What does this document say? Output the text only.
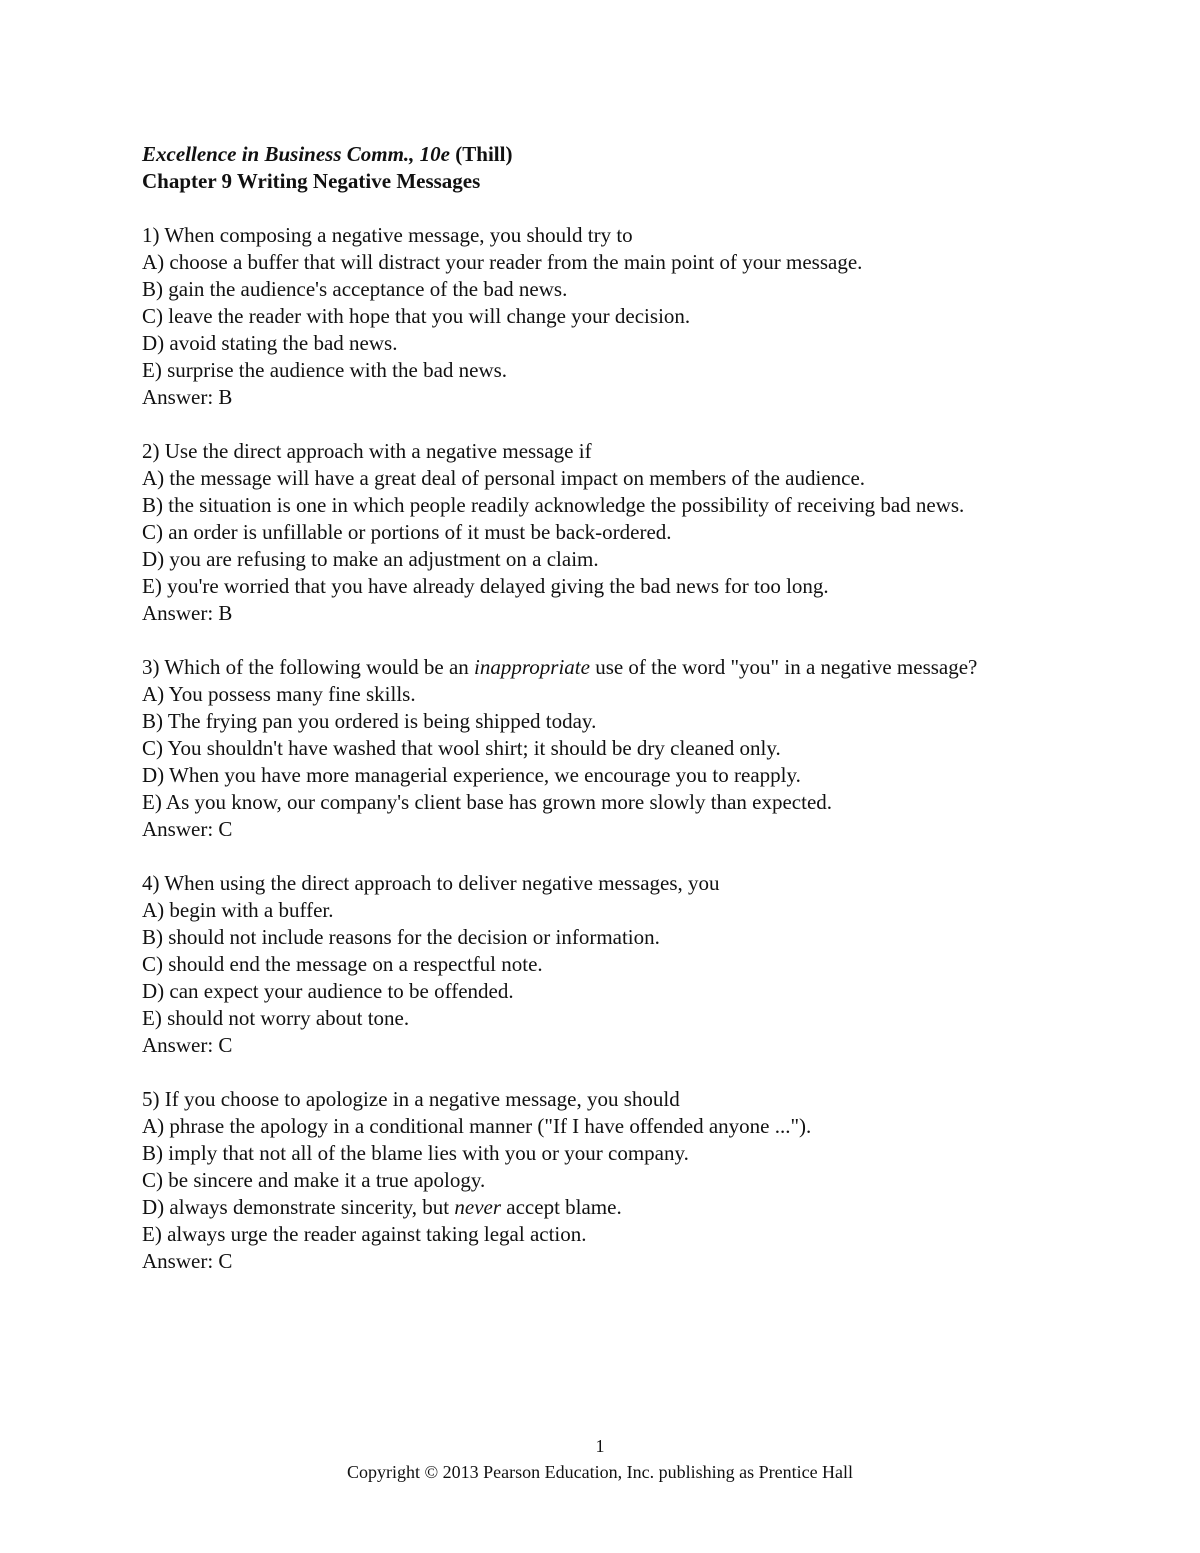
Excellence in Business Comm., 10e (Thill)

Chapter 9 Writing Negative Messages

1) When composing a negative message, you should try to
A) choose a buffer that will distract your reader from the main point of your message.
B) gain the audience's acceptance of the bad news.
C) leave the reader with hope that you will change your decision.
D) avoid stating the bad news.
E) surprise the audience with the bad news.
Answer: B
2) Use the direct approach with a negative message if
A) the message will have a great deal of personal impact on members of the audience.
B) the situation is one in which people readily acknowledge the possibility of receiving bad news.
C) an order is unfillable or portions of it must be back-ordered.
D) you are refusing to make an adjustment on a claim.
E) you're worried that you have already delayed giving the bad news for too long.
Answer: B
3) Which of the following would be an inappropriate use of the word "you" in a negative message?
A) You possess many fine skills.
B) The frying pan you ordered is being shipped today.
C) You shouldn't have washed that wool shirt; it should be dry cleaned only.
D) When you have more managerial experience, we encourage you to reapply.
E) As you know, our company's client base has grown more slowly than expected.
Answer: C
4) When using the direct approach to deliver negative messages, you
A) begin with a buffer.
B) should not include reasons for the decision or information.
C) should end the message on a respectful note.
D) can expect your audience to be offended.
E) should not worry about tone.
Answer: C
5) If you choose to apologize in a negative message, you should
A) phrase the apology in a conditional manner ("If I have offended anyone ...").
B) imply that not all of the blame lies with you or your company.
C) be sincere and make it a true apology.
D) always demonstrate sincerity, but never accept blame.
E) always urge the reader against taking legal action.
Answer: C
1
Copyright © 2013 Pearson Education, Inc. publishing as Prentice Hall
